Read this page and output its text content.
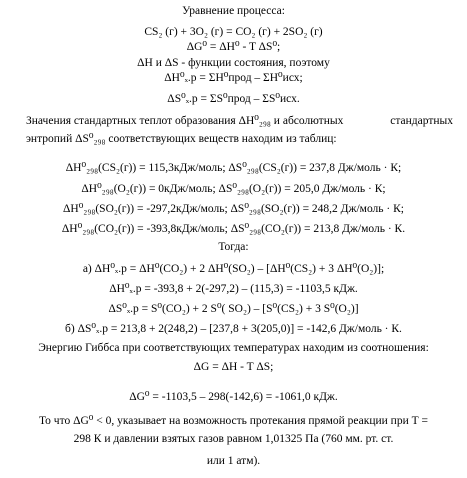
Уравнение процесса:
CS₂ (г) + 3O₂ (г) = CO₂ (г) + 2SO₂ (г)
ΔG⁰ = ΔH⁰ - T ΔS⁰;
ΔH и ΔS - функции состояния, поэтому
ΔH⁰ₓ.р = ΣH⁰прод – ΣH⁰исх;
ΔS⁰ₓ.р = ΣS⁰прод – ΣS⁰исх.
Значения стандартных теплот образования ΔH⁰₂₉₈ и абсолютных	стандартных
энтропий ΔS⁰₂₉₈ соответствующих веществ находим из таблиц:
ΔH⁰₂₉₈(CS₂(г)) = 115,3кДж/моль; ΔS⁰₂₉₈(CS₂(г)) = 237,8 Дж/моль · К;
ΔH⁰₂₉₈(O₂(г)) = 0кДж/моль; ΔS⁰₂₉₈(O₂(г)) = 205,0 Дж/моль · К;
ΔH⁰₂₉₈(SO₂(г)) = -297,2кДж/моль; ΔS⁰₂₉₈(SO₂(г)) = 248,2 Дж/моль · К;
ΔH⁰₂₉₈(CO₂(г)) = -393,8кДж/моль; ΔS⁰₂₉₈(CO₂(г)) = 213,8 Дж/моль · К.
Тогда:
а) ΔH⁰ₓ.р = ΔH⁰(CO₂) + 2 ΔH⁰(SO₂) – [ΔH⁰(CS₂) + 3 ΔH⁰(O₂)];
ΔH⁰ₓ.р = -393,8 + 2(-297,2) – (115,3) = -1103,5 кДж.
ΔS⁰ₓ.р = S⁰(CO₂) + 2 S⁰( SO₂) – [S⁰(CS₂) + 3 S⁰(O₂)]
б) ΔS⁰ₓ.р = 213,8 + 2(248,2) – [237,8 + 3(205,0)] = -142,6 Дж/моль · К.
Энергию Гиббса при соответствующих температурах находим из соотношения:
ΔG = ΔH - T ΔS;
ΔG⁰ = -1103,5 – 298(-142,6) = -1061,0 кДж.
То что ΔG⁰ < 0, указывает на возможность протекания прямой реакции при Т =
298 К и давлении взятых газов равном 1,01325 Па (760 мм. рт. ст.
или 1 атм).
